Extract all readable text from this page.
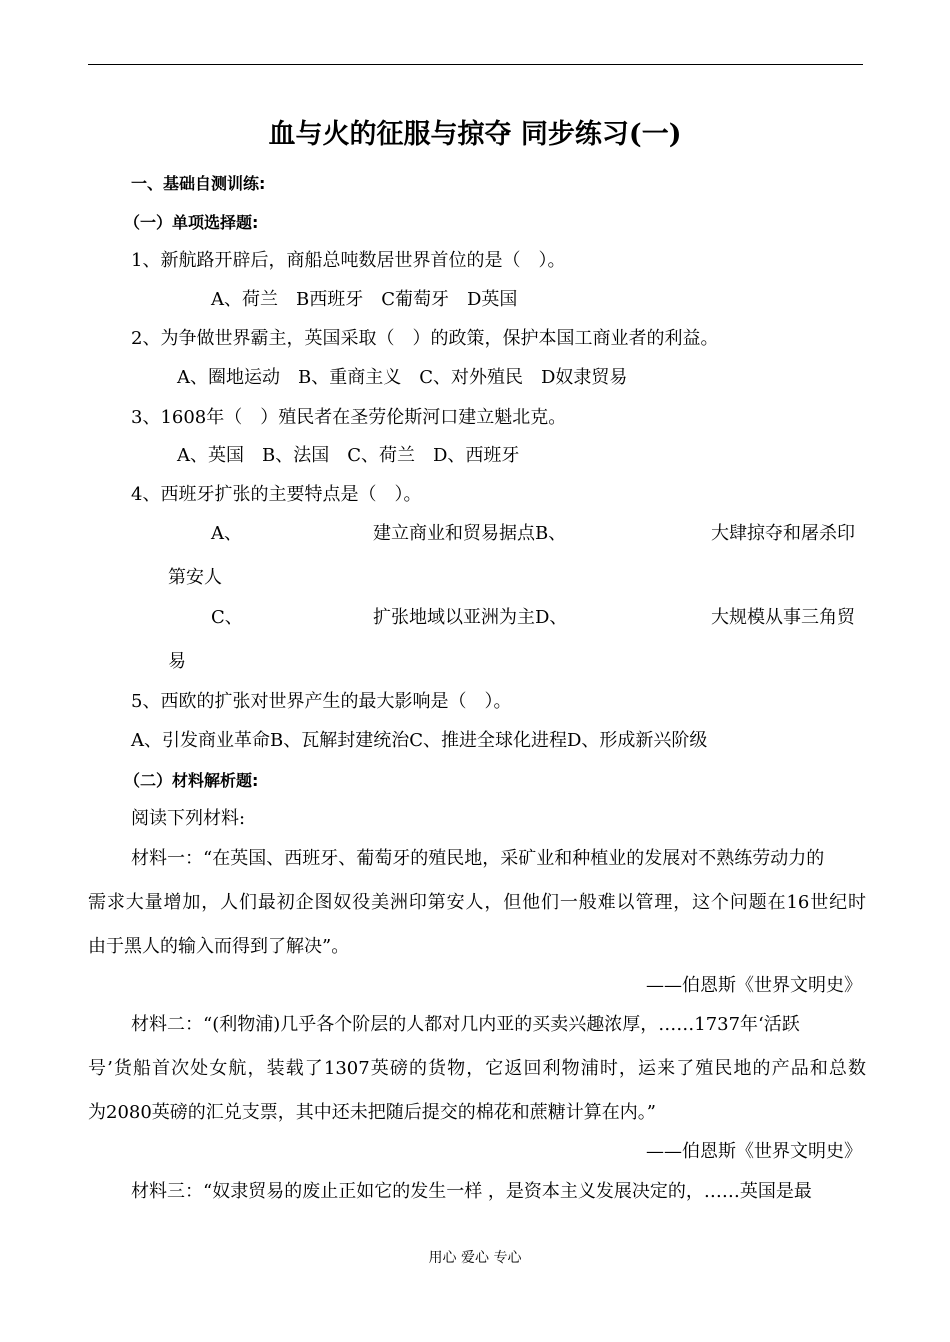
血与火的征服与掠夺 同步练习(一)
一、基础自测训练:
（一）单项选择题:
1、新航路开辟后，商船总吨数居世界首位的是（　）。
A、荷兰　B西班牙　C葡萄牙　D英国
2、为争做世界霸主，英国采取（　）的政策，保护本国工商业者的利益。
A、圈地运动　B、重商主义　C、对外殖民　D奴隶贸易
3、1608年（　）殖民者在圣劳伦斯河口建立魁北克。
A、英国　B、法国　C、荷兰　D、西班牙
4、西班牙扩张的主要特点是（　）。
A、	建立商业和贸易据点B、	大肆掠夺和屠杀印
第安人
C、	扩张地域以亚洲为主D、	大规模从事三角贸
易
5、西欧的扩张对世界产生的最大影响是（　）。
A、引发商业革命B、瓦解封建统治C、推进全球化进程D、形成新兴阶级
（二）材料解析题:
阅读下列材料:
材料一：“在英国、西班牙、葡萄牙的殖民地，采矿业和种植业的发展对不熟练劳动力的
需求大量增加，人们最初企图奴役美洲印第安人，但他们一般难以管理，这个问题在16世纪时
由于黑人的输入而得到了解决”。
——伯恩斯《世界文明史》
材料二：“(利物浦)几乎各个阶层的人都对几内亚的买卖兴趣浓厚，……1737年‘活跃
号’货船首次处女航，装载了1307英磅的货物，它返回利物浦时，运来了殖民地的产品和总数
为2080英磅的汇兑支票，其中还未把随后提交的棉花和蔗糖计算在内。”
——伯恩斯《世界文明史》
材料三：“奴隶贸易的废止正如它的发生一样 ，是资本主义发展决定的，……英国是最
用心 爱心 专心
